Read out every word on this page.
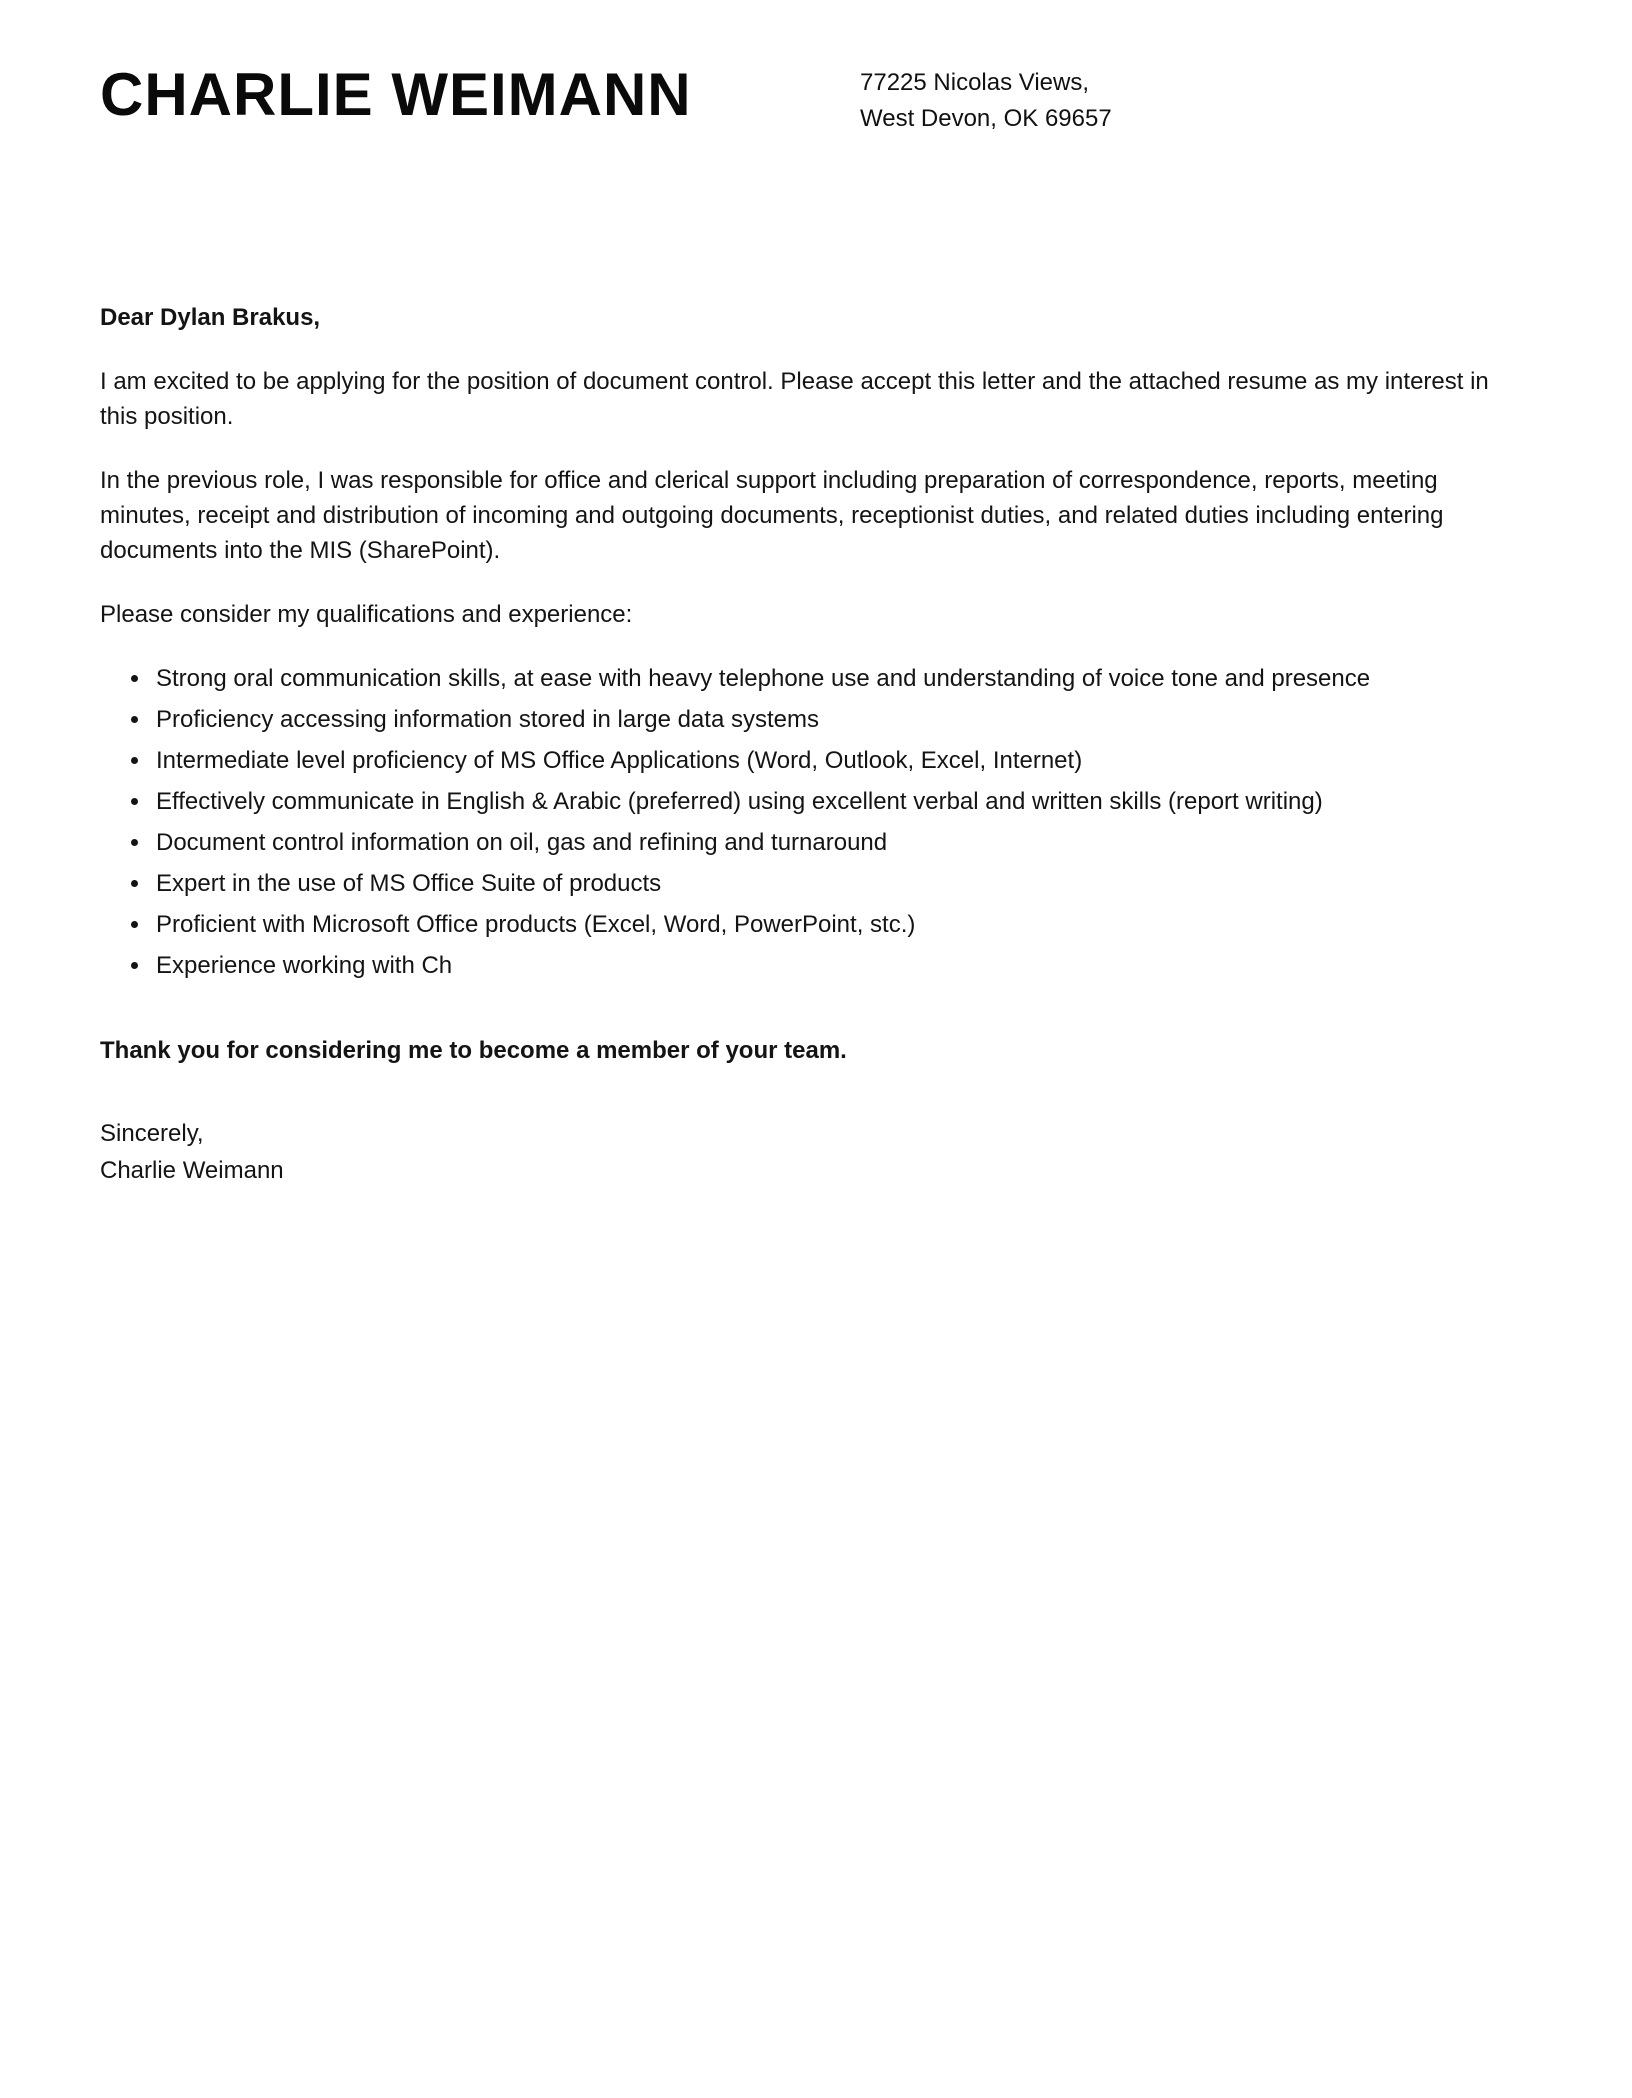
CHARLIE WEIMANN	77225 Nicolas Views,
West Devon, OK 69657
Dear Dylan Brakus,

I am excited to be applying for the position of document control. Please accept this letter and the attached resume as my interest in this position.

In the previous role, I was responsible for office and clerical support including preparation of correspondence, reports, meeting minutes, receipt and distribution of incoming and outgoing documents, receptionist duties, and related duties including entering documents into the MIS (SharePoint).

Please consider my qualifications and experience:

• Strong oral communication skills, at ease with heavy telephone use and understanding of voice tone and presence
• Proficiency accessing information stored in large data systems
• Intermediate level proficiency of MS Office Applications (Word, Outlook, Excel, Internet)
• Effectively communicate in English & Arabic (preferred) using excellent verbal and written skills (report writing)
• Document control information on oil, gas and refining and turnaround
• Expert in the use of MS Office Suite of products
• Proficient with Microsoft Office products (Excel, Word, PowerPoint, stc.)
• Experience working with Ch

Thank you for considering me to become a member of your team.

Sincerely,

Charlie Weimann
